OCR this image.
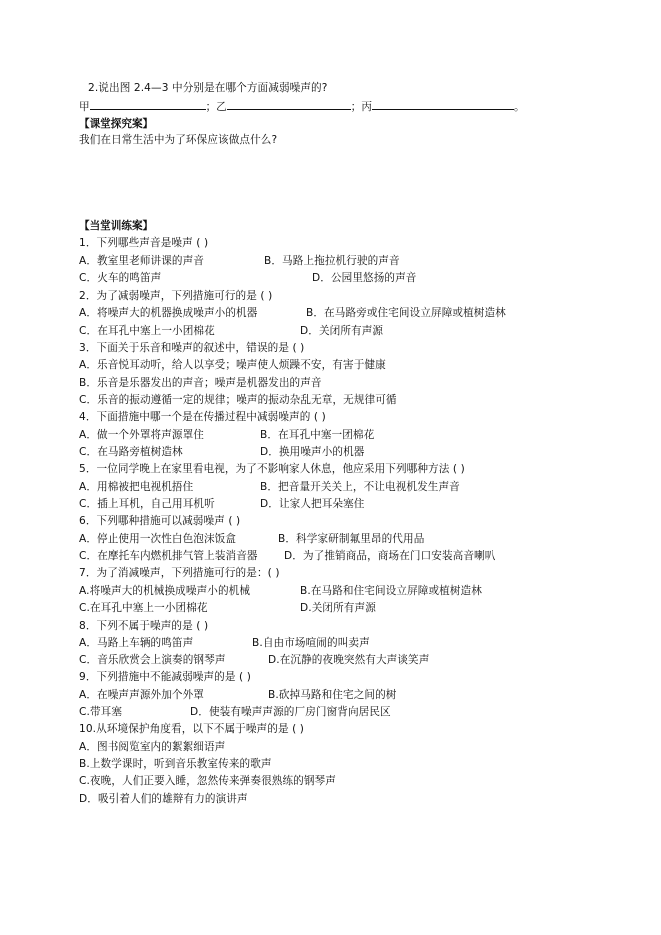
2.说出图 2.4—3 中分别是在哪个方面减弱噪声的?
甲	；乙	；丙	。
【课堂探究案】
我们在日常生活中为了环保应该做点什么?
【当堂训练案】
1．下列哪些声音是噪声 ( )
A．教室里老师讲课的声音	B．马路上拖拉机行驶的声音
C．火车的鸣笛声	D．公园里悠扬的声音
2．为了减弱噪声，下列措施可行的是 ( )
A．将噪声大的机器换成噪声小的机器	B．在马路旁或住宅间设立屏障或植树造林
C．在耳孔中塞上一小团棉花	D．关闭所有声源
3．下面关于乐音和噪声的叙述中，错误的是 ( )
A．乐音悦耳动听，给人以享受；噪声使人烦躁不安，有害于健康
B．乐音是乐器发出的声音；噪声是机器发出的声音
C．乐音的振动遵循一定的规律；噪声的振动杂乱无章，无规律可循
4．下面措施中哪一个是在传播过程中减弱噪声的 ( )
A．做一个外罩将声源罩住	B．在耳孔中塞一团棉花
C．在马路旁植树造林	D．换用噪声小的机器
5．一位同学晚上在家里看电视，为了不影响家人休息，他应采用下列哪种方法 ( )
A．用棉被把电视机捂住	B．把音量开关关上，不让电视机发生声音
C．插上耳机，自己用耳机听	D．让家人把耳朵塞住
6．下列哪种措施可以减弱噪声 ( )
A．停止使用一次性白色泡沫饭盒	B．科学家研制氟里昂的代用品
C．在摩托车内燃机排气管上装消音器 D．为了推销商品，商场在门口安装高音喇叭
7．为了消减噪声，下列措施可行的是：( )
A.将噪声大的机械换成噪声小的机械	B.在马路和住宅间设立屏障或植树造林
C.在耳孔中塞上一小团棉花	D.关闭所有声源
8．下列不属于噪声的是 ( )
A．马路上车辆的鸣笛声	B.自由市场喧闹的叫卖声
C．音乐欣赏会上演奏的钢琴声	D.在沉静的夜晚突然有大声谈笑声
9．下列措施中不能减弱噪声的是 ( )
A．在噪声声源外加个外罩	B.砍掉马路和住宅之间的树
C.带耳塞	D．使装有噪声声源的厂房门窗背向居民区
10.从环境保护角度看，以下不属于噪声的是 ( )
A．图书阅览室内的絮絮细语声
B.上数学课时，听到音乐教室传来的歌声
C.夜晚，人们正要入睡，忽然传来弹奏很熟练的钢琴声
D．吸引着人们的雄辩有力的演讲声
